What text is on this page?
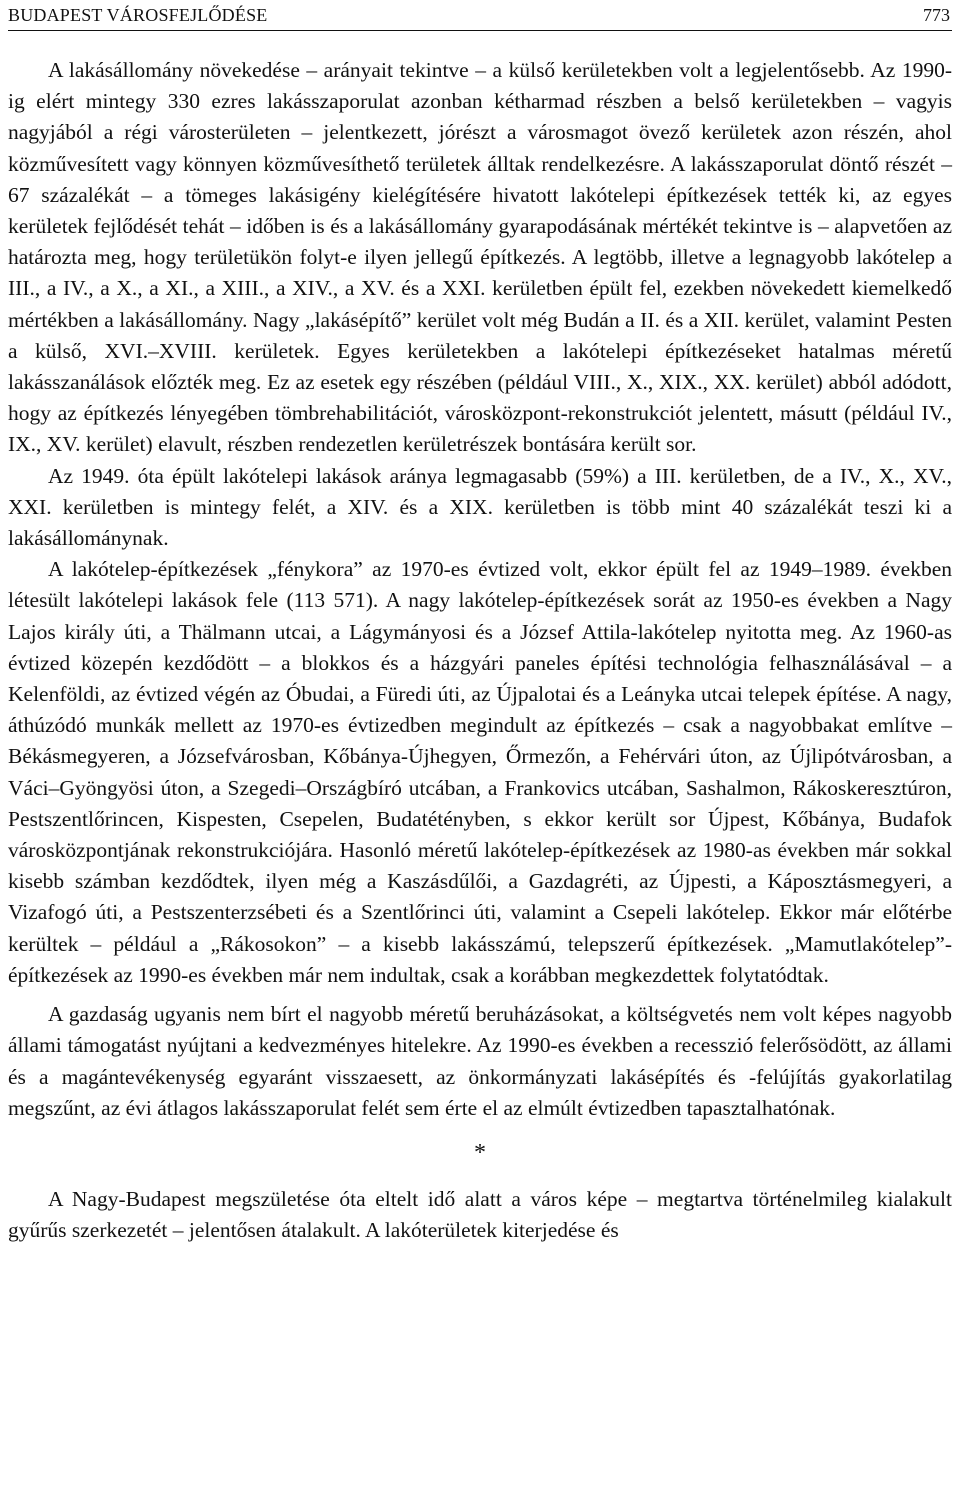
BUDAPEST VÁROSFEJLŐDÉSE	773

A lakásállomány növekedése – arányait tekintve – a külső kerületekben volt a legjelentősebb. Az 1990-ig elért mintegy 330 ezres lakásszaporulat azonban kétharmad részben a belső kerületekben – vagyis nagyjából a régi városterületen – jelentkezett, jórészt a városmagot övező kerületek azon részén, ahol közművesített vagy könnyen közművesíthető területek álltak rendelkezésre. A lakásszaporulat döntő részét – 67 százalékát – a tömeges lakásigény kielégítésére hivatott lakótelepi építkezések tették ki, az egyes kerületek fejlődését tehát – időben is és a lakásállomány gyarapodásának mértékét tekintve is – alapvetően az határozta meg, hogy területükön folyt-e ilyen jellegű építkezés. A legtöbb, illetve a legnagyobb lakótelep a III., a IV., a X., a XI., a XIII., a XIV., a XV. és a XXI. kerületben épült fel, ezekben növekedett kiemelkedő mértékben a lakásállomány. Nagy „lakásépítő” kerület volt még Budán a II. és a XII. kerület, valamint Pesten a külső, XVI.–XVIII. kerületek. Egyes kerületekben a lakótelepi építkezéseket hatalmas méretű lakásszanálások előzték meg. Ez az esetek egy részében (például VIII., X., XIX., XX. kerület) abból adódott, hogy az építkezés lényegében tömbrehabilitációt, városközpont-rekonstrukciót jelentett, másutt (például IV., IX., XV. kerület) elavult, részben rendezetlen kerületrészek bontására került sor.

Az 1949. óta épült lakótelepi lakások aránya legmagasabb (59%) a III. kerületben, de a IV., X., XV., XXI. kerületben is mintegy felét, a XIV. és a XIX. kerületben is több mint 40 százalékát teszi ki a lakásállománynak.

A lakótelep-építkezések „fénykora” az 1970-es évtized volt, ekkor épült fel az 1949–1989. években létesült lakótelepi lakások fele (113 571). A nagy lakótelep-építkezések sorát az 1950-es években a Nagy Lajos király úti, a Thälmann utcai, a Lágymányosi és a József Attila-lakótelep nyitotta meg. Az 1960-as évtized közepén kezdődött – a blokkos és a házgyári paneles építési technológia felhasználásával – a Kelenföldi, az évtized végén az Óbudai, a Füredi úti, az Újpalotai és a Leányka utcai telepek építése. A nagy, áthúzódó munkák mellett az 1970-es évtizedben megindult az építkezés – csak a nagyobbakat említve – Békásmegyeren, a Józsefvárosban, Kőbánya-Újhegyen, Őrmezőn, a Fehérvári úton, az Újlipótvárosban, a Váci–Gyöngyösi úton, a Szegedi–Országbíró utcában, a Frankovics utcában, Sashalmon, Rákoskeresztúron, Pestszentlőrincen, Kispesten, Csepelen, Budatétényben, s ekkor került sor Újpest, Kőbánya, Budafok városközpontjának rekonstrukciójára. Hasonló méretű lakótelep-építkezések az 1980-as években már sokkal kisebb számban kezdődtek, ilyen még a Kaszásdűlői, a Gazdagréti, az Újpesti, a Káposztásmegyeri, a Vizafogó úti, a Pestszenterzsébeti és a Szentlőrinci úti, valamint a Csepeli lakótelep. Ekkor már előtérbe kerültek – például a „Rákosokon” – a kisebb lakásszámú, telepszerű építkezések. „Mamutlakótelep”-építkezések az 1990-es években már nem indultak, csak a korábban megkezdettek folytatódtak.

A gazdaság ugyanis nem bírt el nagyobb méretű beruházásokat, a költségvetés nem volt képes nagyobb állami támogatást nyújtani a kedvezményes hitelekre. Az 1990-es években a recesszió felerősödött, az állami és a magántevékenység egyaránt visszaesett, az önkormányzati lakásépítés és -felújítás gyakorlatilag megszűnt, az évi átlagos lakásszaporulat felét sem érte el az elmúlt évtizedben tapasztalhatónak.

*

A Nagy-Budapest megszületése óta eltelt idő alatt a város képe – megtartva történelmileg kialakult gyűrűs szerkezetét – jelentősen átalakult. A lakóterületek kiterjedése és
